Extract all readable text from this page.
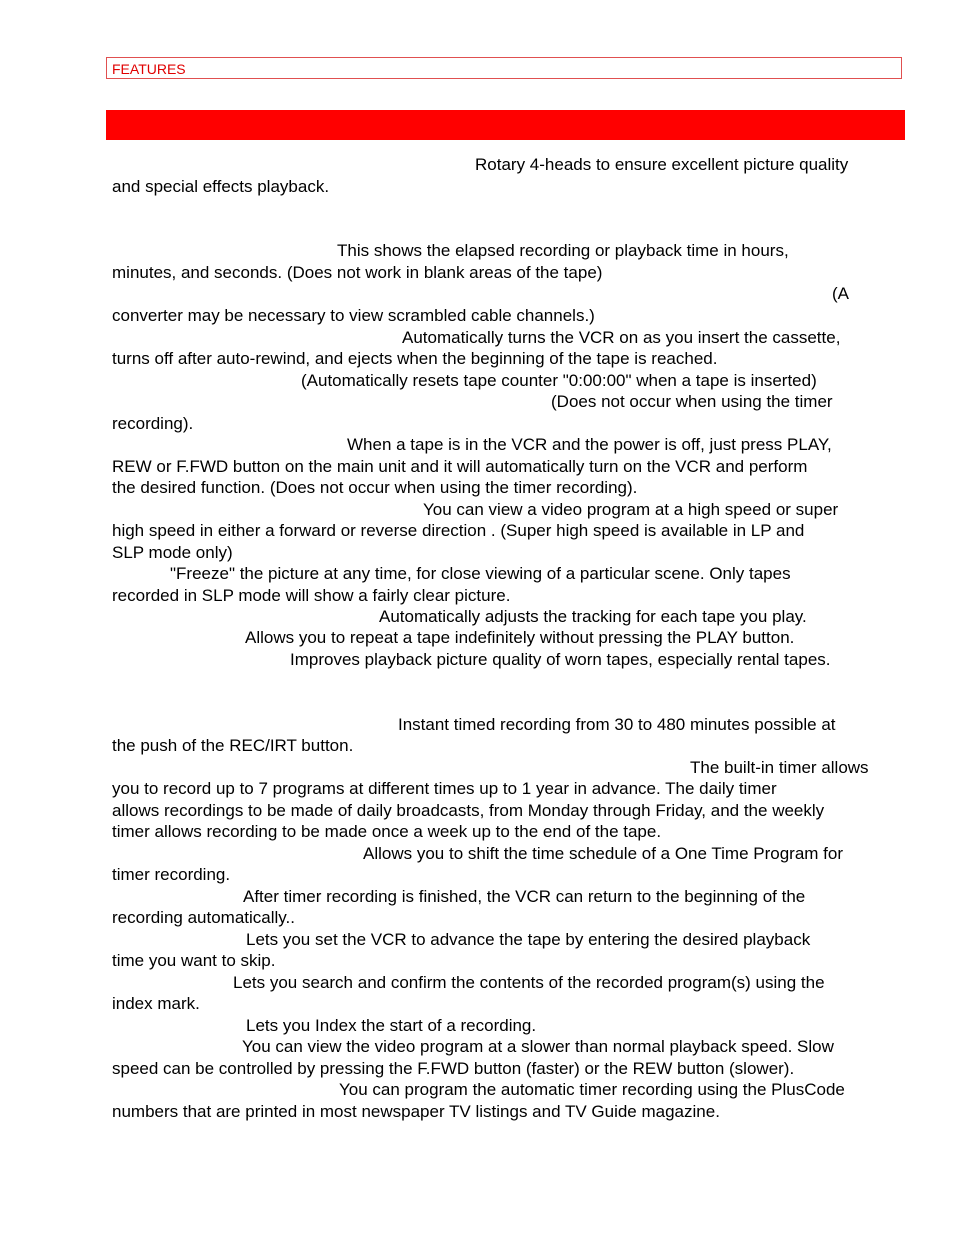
FEATURES
Rotary 4-heads to ensure excellent picture quality
and special effects playback.
This shows the elapsed recording or playback time in hours,
minutes, and seconds. (Does not work in blank areas of the tape)
(A
converter may be necessary to view scrambled cable channels.)
Automatically turns the VCR on as you insert the cassette,
turns off after auto-rewind, and ejects when the beginning of the tape is reached.
(Automatically resets tape counter "0:00:00" when a tape is inserted)
(Does not occur when using the timer
recording).
When a tape is in the VCR and the power is off, just press PLAY,
REW or F.FWD button on the main unit and it will automatically turn on the VCR and perform
the desired function. (Does not occur when using the timer recording).
You can view a video program at a high speed or super
high speed in either a forward or reverse direction . (Super high speed is available in LP and
SLP mode only)
"Freeze" the picture at any time, for close viewing of a particular scene. Only tapes
recorded in SLP mode will show a fairly clear picture.
Automatically adjusts the tracking for each tape you play.
Allows you to repeat a tape indefinitely without pressing the PLAY button.
Improves playback picture quality of worn tapes, especially rental tapes.
Instant timed recording from 30 to 480 minutes possible at
the push of the REC/IRT button.
The built-in timer allows
you to record up to 7 programs at different times up to 1 year in advance. The daily timer
allows recordings to be made of daily broadcasts, from Monday through Friday, and the weekly
timer allows recording to be made once a week up to the end of the tape.
Allows you to shift the time schedule of a One Time Program for
timer recording.
After timer recording is finished, the VCR can return to the beginning of the
recording automatically..
Lets you set the VCR to advance the tape by entering the desired playback
time you want to skip.
Lets you search and confirm the contents of the recorded program(s) using the
index mark.
Lets you Index the start of a recording.
You can view the video program at a slower than normal playback speed. Slow
speed can be controlled by pressing the F.FWD button (faster) or the REW button (slower).
You can program the automatic timer recording using the PlusCode
numbers that are printed in most newspaper TV listings and TV Guide magazine.
